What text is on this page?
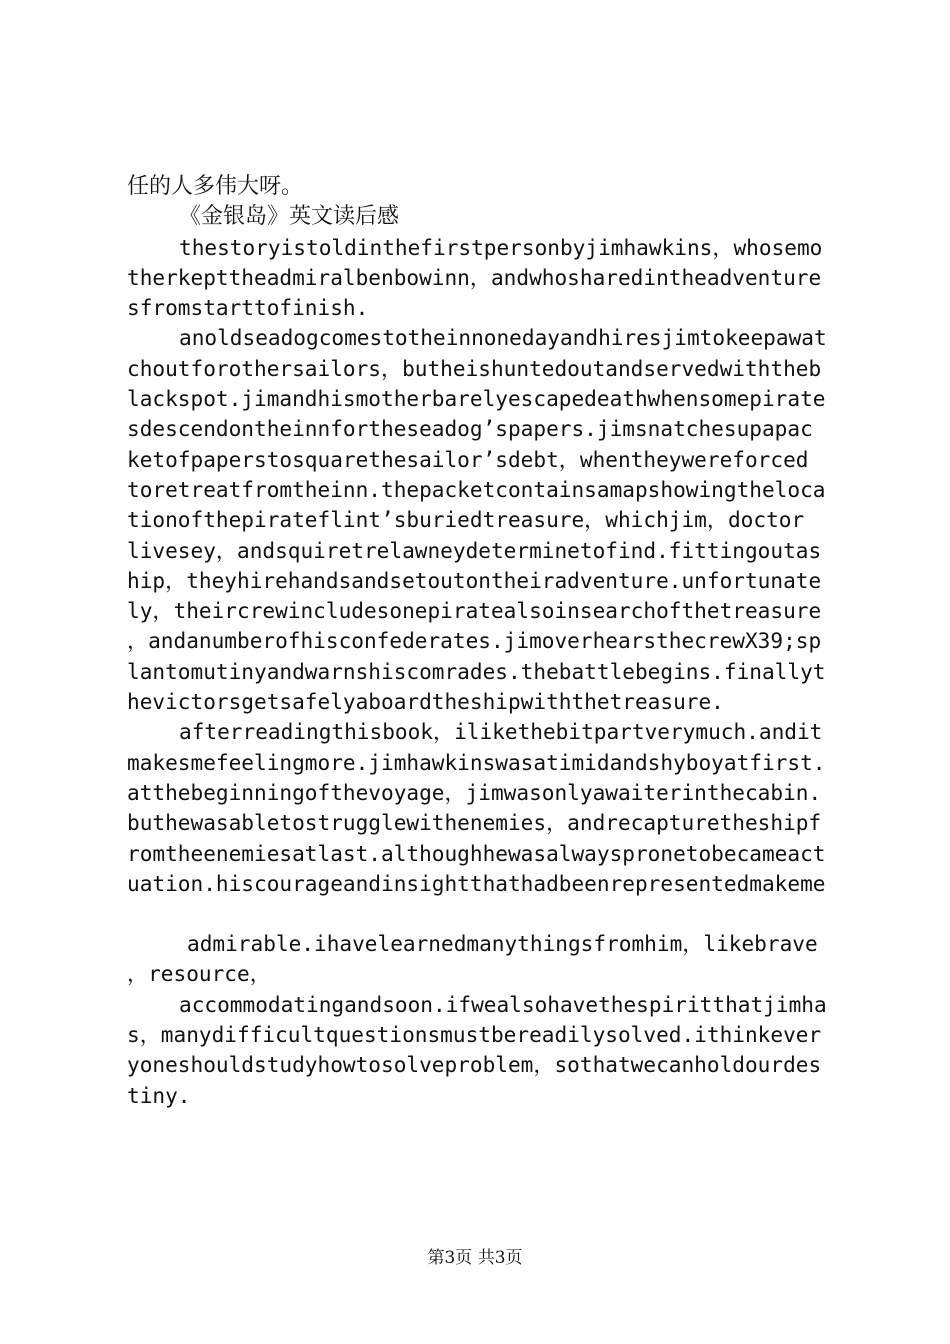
任的人多伟大呀。
《金银岛》英文读后感
thestoryistoldinthefirstpersonbyjimhawkins，whosemo
therkepttheadmiralbenbowinn，andwhosharedintheadventure
sfromstarttofinish.
anoldseadogcomestotheinnonedayandhiresjimtokeepawat
choutforothersailors，butheishuntedoutandservedwiththeb
lackspot.jimandhismotherbarelyescapedeathwhensomepirate
sdescendontheinnfortheseadog’spapers.jimsnatchesupapac
ketofpaperstosquarethesailor’sdebt，whentheywereforced
toretreatfromtheinn.thepacketcontainsamapshowingtheloca
tionofthepirateflint’sburiedtreasure，whichjim，doctor
livesey，andsquiretrelawneydeterminetofind.fittingoutas
hip，theyhirehandsandsetoutontheiradventure.unfortunate
ly，theircrewincludesonepiratealsoinsearchofthetreasure
，andanumberofhisconfederates.jimoverhearsthecrewX39;sp
lantomutinyandwarnshiscomrades.thebattlebegins.finallyt
hevictorsgetsafelyaboardtheshipwiththetreasure.
afterreadingthisbook，ilikethebitpartverymuch.andit
makesmefeelingmore.jimhawkinswasatimidandshyboyatfirst.
atthebeginningofthevoyage，jimwasonlyawaiterinthecabin.
buthewasabletostrugglewithenemies，andrecapturetheshipf
romtheenemiesatlast.althoughhewasalwayspronetobecameact
uation.hiscourageandinsightthathadbeenrepresentedmakeme
admirable.ihavelearnedmanythingsfromhim，likebrave
，resource，
accommodatingandsoon.ifwealsohavethespiritthatjimha
s，manydifficultquestionsmustbereadilysolved.ithinkever
yoneshouldstudyhowtosolveproblem，sothatwecanholdourdes
tiny.
第3页 共3页
